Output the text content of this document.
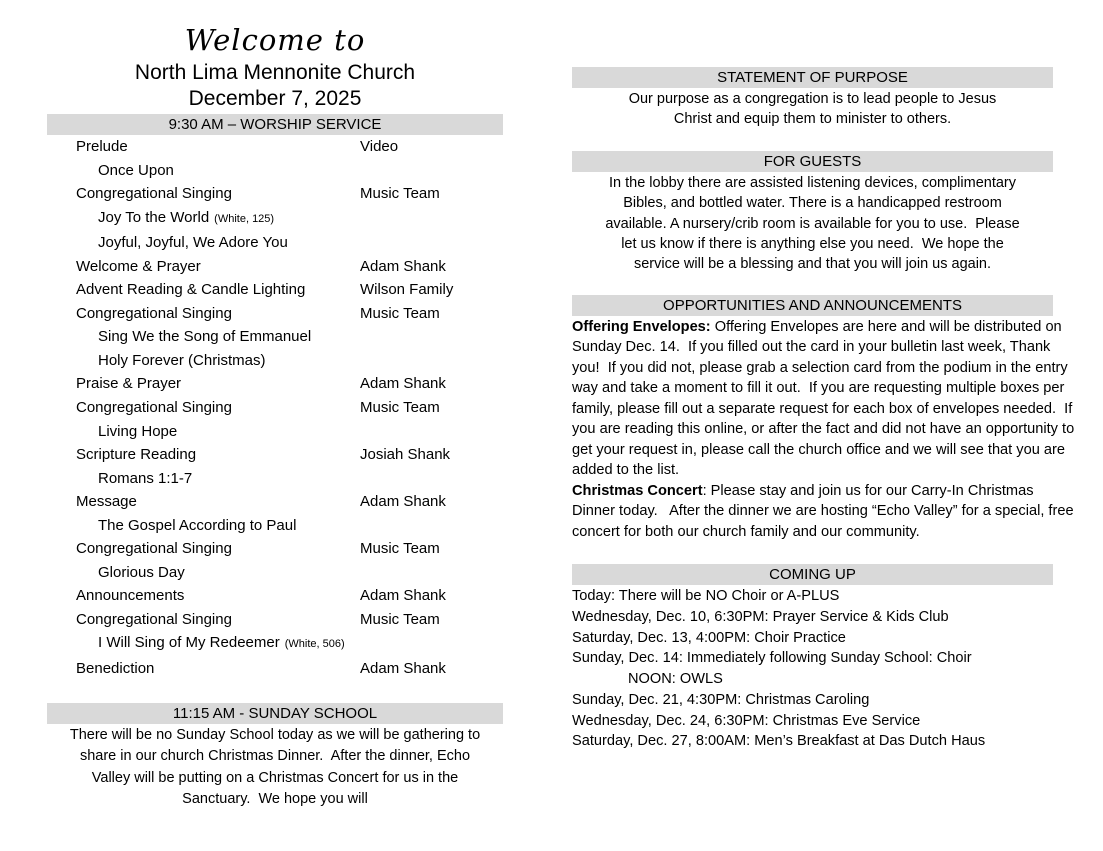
Welcome to
North Lima Mennonite Church
December 7, 2025
9:30 AM – WORSHIP SERVICE
Prelude	Video
Once Upon
Congregational Singing	Music Team
Joy To the World (White, 125)
Joyful, Joyful, We Adore You
Welcome & Prayer	Adam Shank
Advent Reading & Candle Lighting	Wilson Family
Congregational Singing	Music Team
Sing We the Song of Emmanuel
Holy Forever (Christmas)
Praise & Prayer	Adam Shank
Congregational Singing	Music Team
Living Hope
Scripture Reading	Josiah Shank
Romans 1:1-7
Message	Adam Shank
The Gospel According to Paul
Congregational Singing	Music Team
Glorious Day
Announcements	Adam Shank
Congregational Singing	Music Team
I Will Sing of My Redeemer (White, 506)
Benediction	Adam Shank
11:15 AM - SUNDAY SCHOOL
There will be no Sunday School today as we will be gathering to
share in our church Christmas Dinner.  After the dinner, Echo
Valley will be putting on a Christmas Concert for us in the
Sanctuary.  We hope you will
STATEMENT OF PURPOSE
Our purpose as a congregation is to lead people to Jesus
Christ and equip them to minister to others.
FOR GUESTS
In the lobby there are assisted listening devices, complimentary
Bibles, and bottled water. There is a handicapped restroom
available. A nursery/crib room is available for you to use.  Please
let us know if there is anything else you need.  We hope the
service will be a blessing and that you will join us again.
OPPORTUNITIES AND ANNOUNCEMENTS
Offering Envelopes: Offering Envelopes are here and will be distributed on Sunday Dec. 14.  If you filled out the card in your bulletin last week, Thank you!  If you did not, please grab a selection card from the podium in the entry way and take a moment to fill it out.  If you are requesting multiple boxes per family, please fill out a separate request for each box of envelopes needed.  If you are reading this online, or after the fact and did not have an opportunity to get your request in, please call the church office and we will see that you are added to the list.
Christmas Concert: Please stay and join us for our Carry-In Christmas Dinner today.   After the dinner we are hosting “Echo Valley” for a special, free concert for both our church family and our community.
COMING UP
Today: There will be NO Choir or A-PLUS
Wednesday, Dec. 10, 6:30PM: Prayer Service & Kids Club
Saturday, Dec. 13, 4:00PM: Choir Practice
Sunday, Dec. 14: Immediately following Sunday School: Choir
NOON: OWLS
Sunday, Dec. 21, 4:30PM: Christmas Caroling
Wednesday, Dec. 24, 6:30PM: Christmas Eve Service
Saturday, Dec. 27, 8:00AM: Men’s Breakfast at Das Dutch Haus
